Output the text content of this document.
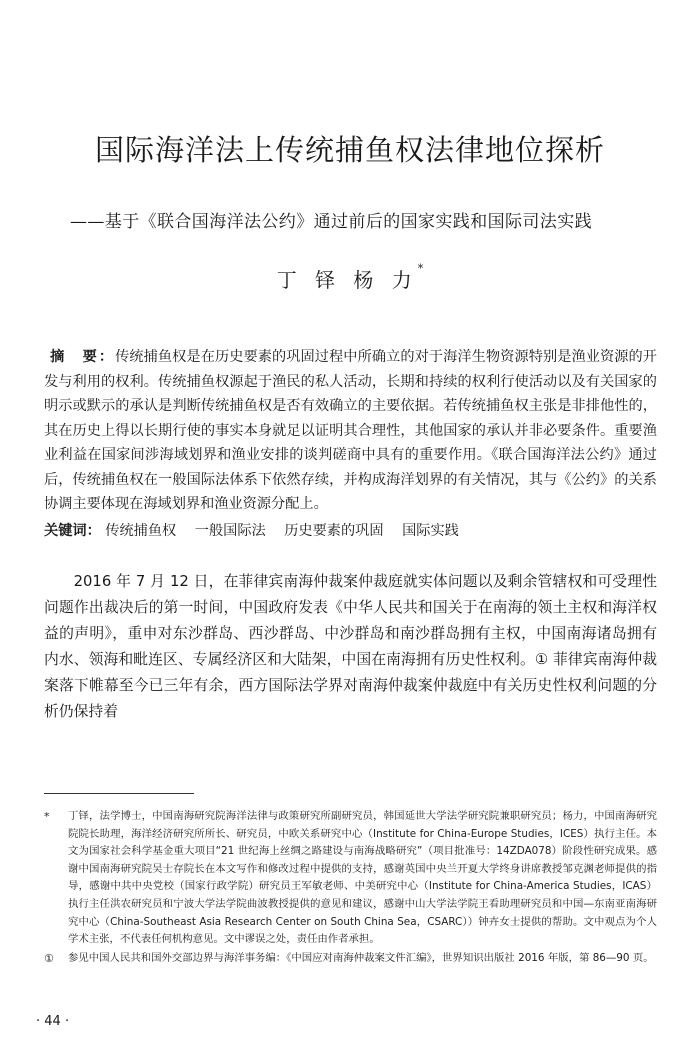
国际海洋法上传统捕鱼权法律地位探析
——基于《联合国海洋法公约》通过前后的国家实践和国际司法实践
丁 铎 杨 力*
摘　要：传统捕鱼权是在历史要素的巩固过程中所确立的对于海洋生物资源特别是渔业资源的开发与利用的权利。传统捕鱼权源起于渔民的私人活动，长期和持续的权利行使活动以及有关国家的明示或默示的承认是判断传统捕鱼权是否有效确立的主要依据。若传统捕鱼权主张是非排他性的，其在历史上得以长期行使的事实本身就足以证明其合理性，其他国家的承认并非必要条件。重要渔业利益在国家间涉海域划界和渔业安排的谈判磋商中具有的重要作用。《联合国海洋法公约》通过后，传统捕鱼权在一般国际法体系下依然存续，并构成海洋划界的有关情况，其与《公约》的关系协调主要体现在海域划界和渔业资源分配上。
关键词： 传统捕鱼权 一般国际法 历史要素的巩固 国际实践

2016 年 7 月 12 日，在菲律宾南海仲裁案仲裁庭就实体问题以及剩余管辖权和可受理性问题作出裁决后的第一时间，中国政府发表《中华人民共和国关于在南海的领土主权和海洋权益的声明》，重申对东沙群岛、西沙群岛、中沙群岛和南沙群岛拥有主权，中国南海诸岛拥有内水、领海和毗连区、专属经济区和大陆架，中国在南海拥有历史性权利。① 菲律宾南海仲裁案落下帷幕至今已三年有余，西方国际法学界对南海仲裁案仲裁庭中有关历史性权利问题的分析仍保持着

*	丁铎，法学博士，中国南海研究院海洋法律与政策研究所副研究员，韩国延世大学法学研究院兼职研究员；杨力，中国南海研究院院长助理，海洋经济研究所所长、研究员，中欧关系研究中心（Institute for China-Europe Studies，ICES）执行主任。本文为国家社会科学基金重大项目“21 世纪海上丝绸之路建设与南海战略研究”（项目批准号：14ZDA078）阶段性研究成果。感谢中国南海研究院吴士存院长在本文写作和修改过程中提供的支持，感谢英国中央兰开夏大学终身讲席教授邹克渊老师提供的指导，感谢中共中央党校（国家行政学院）研究员王军敏老师、中美研究中心（Institute for China-America Studies，ICAS）执行主任洪农研究员和宁波大学法学院曲波教授提供的意见和建议，感谢中山大学法学院王看助理研究员和中国—东南亚南海研究中心（China-Southeast Asia Research Center on South China Sea，CSARC））钟卉女士提供的帮助。文中观点为个人学术主张，不代表任何机构意见。文中谬误之处，责任由作者承担。
①	参见中国人民共和国外交部边界与海洋事务编：《中国应对南海仲裁案文件汇编》，世界知识出版社 2016 年版，第 86—90 页。
· 44 ·
